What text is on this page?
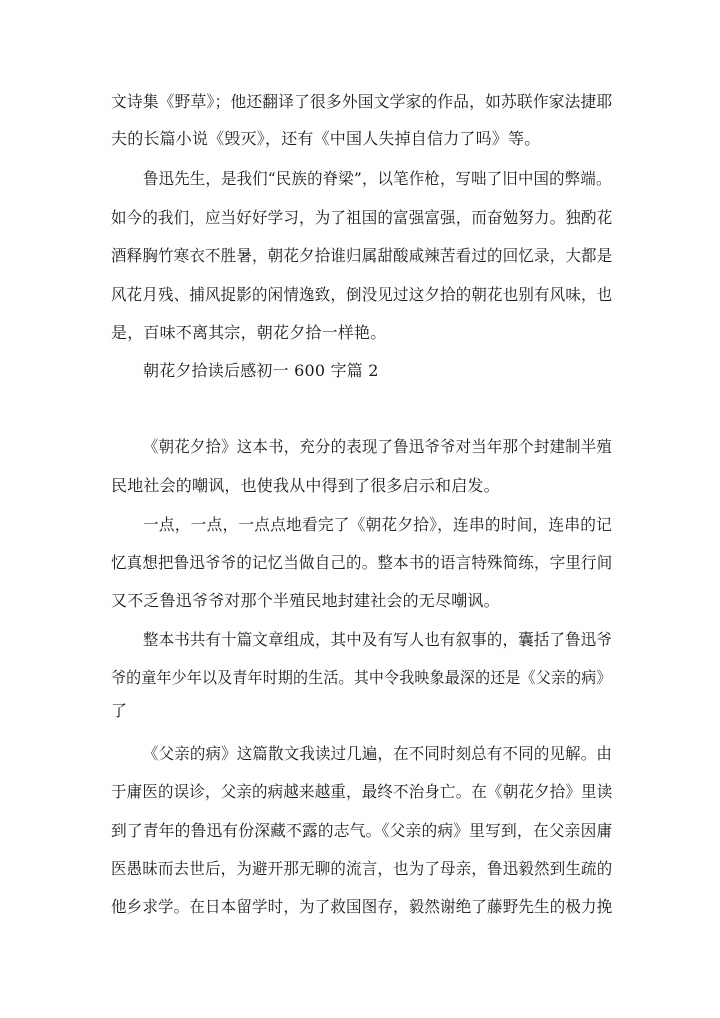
文诗集《野草》；他还翻译了很多外国文学家的作品，如苏联作家法捷耶
夫的长篇小说《毁灭》，还有《中国人失掉自信力了吗》等。
鲁迅先生，是我们“民族的脊梁”，以笔作枪，写咄了旧中国的弊端。
如今的我们，应当好好学习，为了祖国的富强富强，而奋勉努力。独酌花
酒释胸竹寒衣不胜暑，朝花夕拾谁归属甜酸咸辣苦看过的回忆录，大都是
风花月残、捕风捉影的闲情逸致，倒没见过这夕拾的朝花也别有风味，也
是，百味不离其宗，朝花夕拾一样艳。
朝花夕拾读后感初一 600 字篇 2
《朝花夕拾》这本书，充分的表现了鲁迅爷爷对当年那个封建制半殖
民地社会的嘲讽，也使我从中得到了很多启示和启发。
一点，一点，一点点地看完了《朝花夕拾》，连串的时间，连串的记
忆真想把鲁迅爷爷的记忆当做自己的。整本书的语言特殊简练，字里行间
又不乏鲁迅爷爷对那个半殖民地封建社会的无尽嘲讽。
整本书共有十篇文章组成，其中及有写人也有叙事的，囊括了鲁迅爷
爷的童年少年以及青年时期的生活。其中令我映象最深的还是《父亲的病》
了
《父亲的病》这篇散文我读过几遍，在不同时刻总有不同的见解。由
于庸医的误诊，父亲的病越来越重，最终不治身亡。在《朝花夕拾》里读
到了青年的鲁迅有份深藏不露的志气。《父亲的病》里写到，在父亲因庸
医愚昧而去世后，为避开那无聊的流言，也为了母亲，鲁迅毅然到生疏的
他乡求学。在日本留学时，为了救国图存，毅然谢绝了藤野先生的极力挽
